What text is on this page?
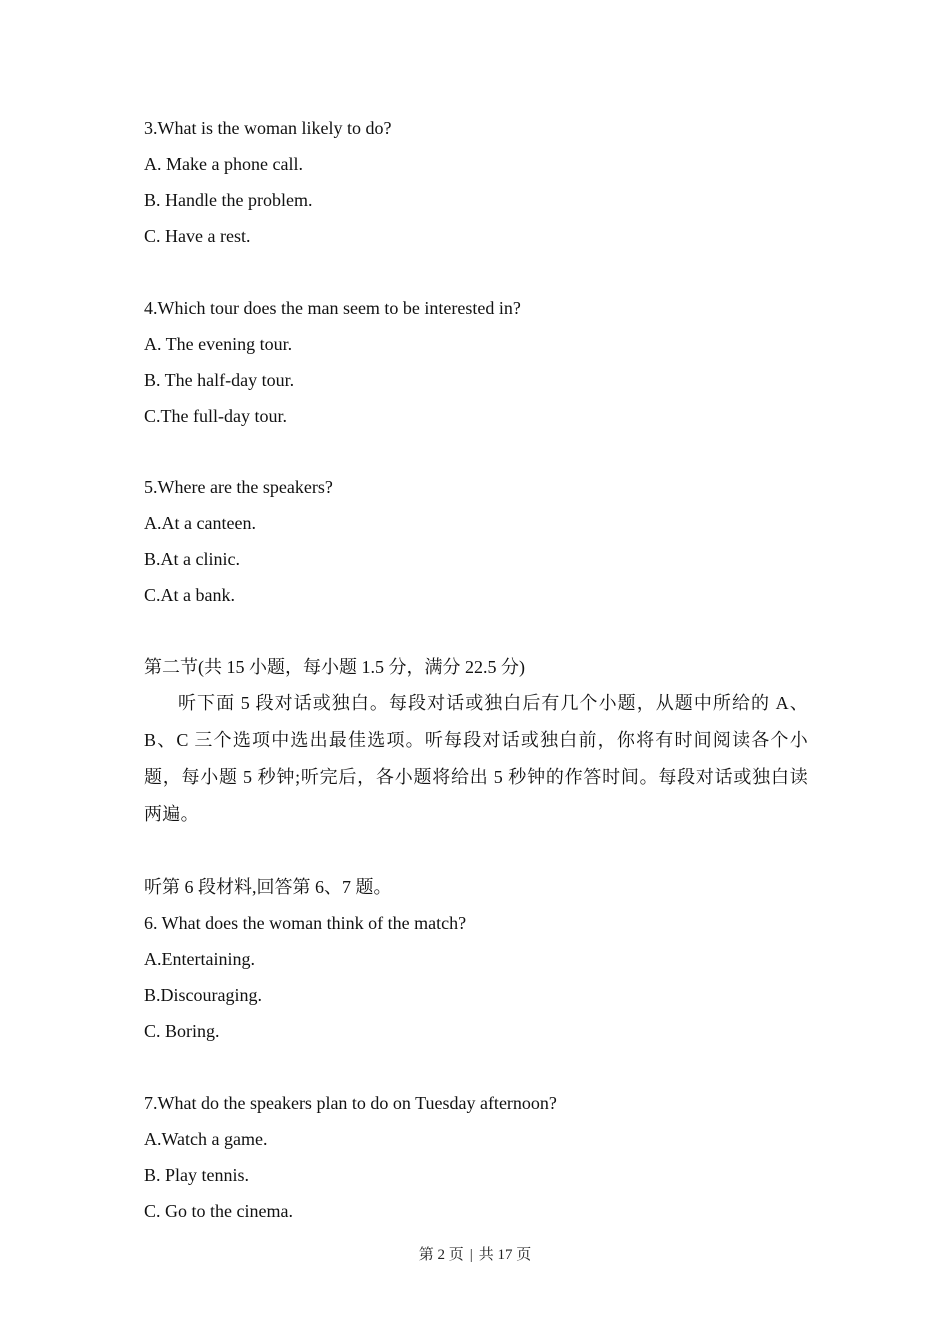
3.What is the woman likely to do?
A. Make a phone call.
B. Handle the problem.
C. Have a rest.
4.Which tour does the man seem to be interested in?
A. The evening tour.
B. The half-day tour.
C.The full-day tour.
5.Where are the speakers?
A.At a canteen.
B.At a clinic.
C.At a bank.
第二节(共 15 小题，每小题 1.5 分，满分 22.5 分)
听下面 5 段对话或独白。每段对话或独白后有几个小题，从题中所给的 A、B、C 三个选项中选出最佳选项。听每段对话或独白前，你将有时间阅读各个小题，每小题 5 秒钟;听完后，各小题将给出 5 秒钟的作答时间。每段对话或独白读两遍。
听第 6 段材料,回答第 6、7 题。
6. What does the woman think of the match?
A.Entertaining.
B.Discouraging.
C. Boring.
7.What do the speakers plan to do on Tuesday afternoon?
A.Watch a game.
B. Play tennis.
C. Go to the cinema.
第 2 页 | 共 17 页
